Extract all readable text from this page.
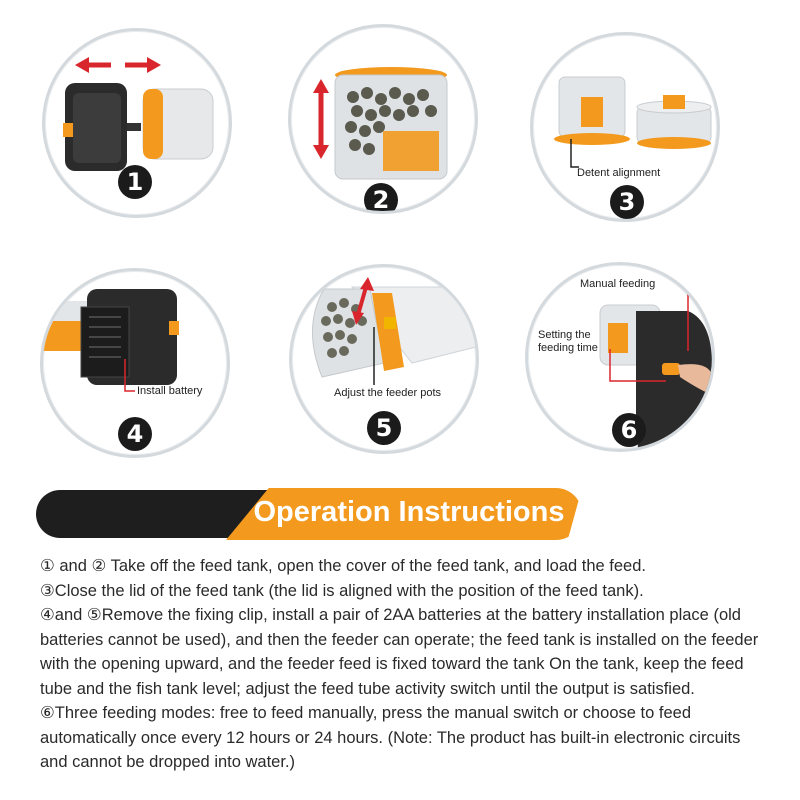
1
2
Detent alignment
3
Install battery
4
Adjust the feeder pots
5
Manual feeding
Setting the
feeding time
6
Operation Instructions

① and ② Take off the feed tank, open the cover of the feed tank, and load the feed.

③Close the lid of the feed tank (the lid is aligned with the position of the feed tank).

④and ⑤Remove the fixing clip, install a pair of 2AA batteries at the battery installation place (old batteries cannot be used), and then the feeder can operate; the feed tank is installed on the feeder with the opening upward, and the feeder feed is fixed toward the tank On the tank, keep the feed tube and the fish tank level; adjust the feed tube activity switch until the output is satisfied.

⑥Three feeding modes: free to feed manually, press the manual switch or choose to feed automatically once every 12 hours or 24 hours. (Note: The product has built-in electronic circuits and cannot be dropped into water.)
